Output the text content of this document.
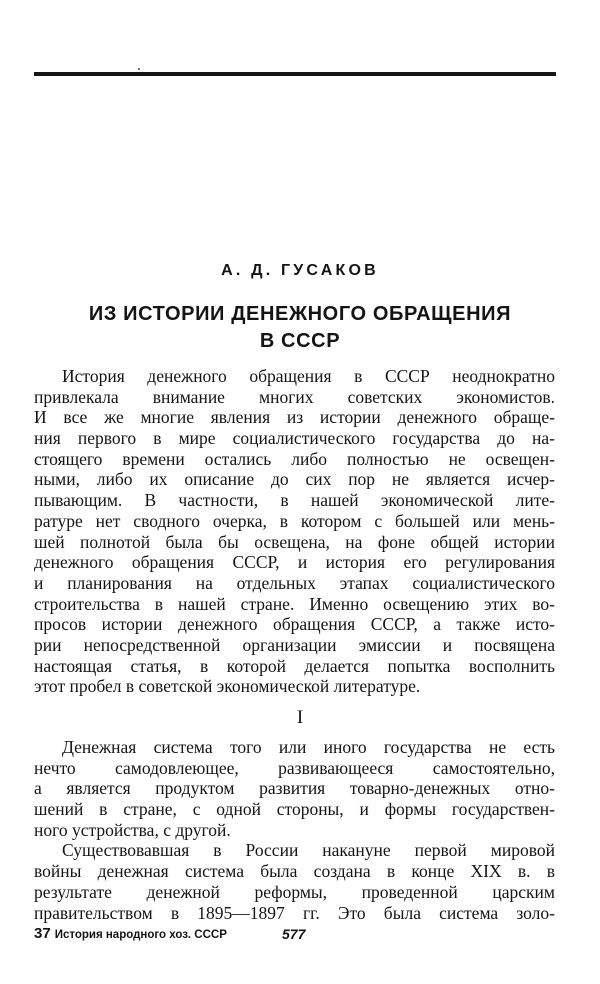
А. Д. ГУСАКОВ
ИЗ ИСТОРИИ ДЕНЕЖНОГО ОБРАЩЕНИЯ
В СССР
История денежного обращения в СССР неоднократно
привлекала внимание многих советских экономистов.
И все же многие явления из истории денежного обраще-
ния первого в мире социалистического государства до на-
стоящего времени остались либо полностью не освещен-
ными, либо их описание до сих пор не является исчер-
пывающим. В частности, в нашей экономической лите-
ратуре нет сводного очерка, в котором с большей или мень-
шей полнотой была бы освещена, на фоне общей истории
денежного обращения СССР, и история его регулирования
и планирования на отдельных этапах социалистического
строительства в нашей стране. Именно освещению этих во-
просов истории денежного обращения СССР, а также исто-
рии непосредственной организации эмиссии и посвящена
настоящая статья, в которой делается попытка восполнить
этот пробел в советской экономической литературе.
I
Денежная система того или иного государства не есть
нечто самодовлеющее, развивающееся самостоятельно,
а является продуктом развития товарно-денежных отно-
шений в стране, с одной стороны, и формы государствен-
ного устройства, с другой.
Существовавшая в России накануне первой мировой
войны денежная система была создана в конце XIX в. в
результате денежной реформы, проведенной царским
правительством в 1895—1897 гг. Это была система золо-
37 История народного хоз. СССР	577
